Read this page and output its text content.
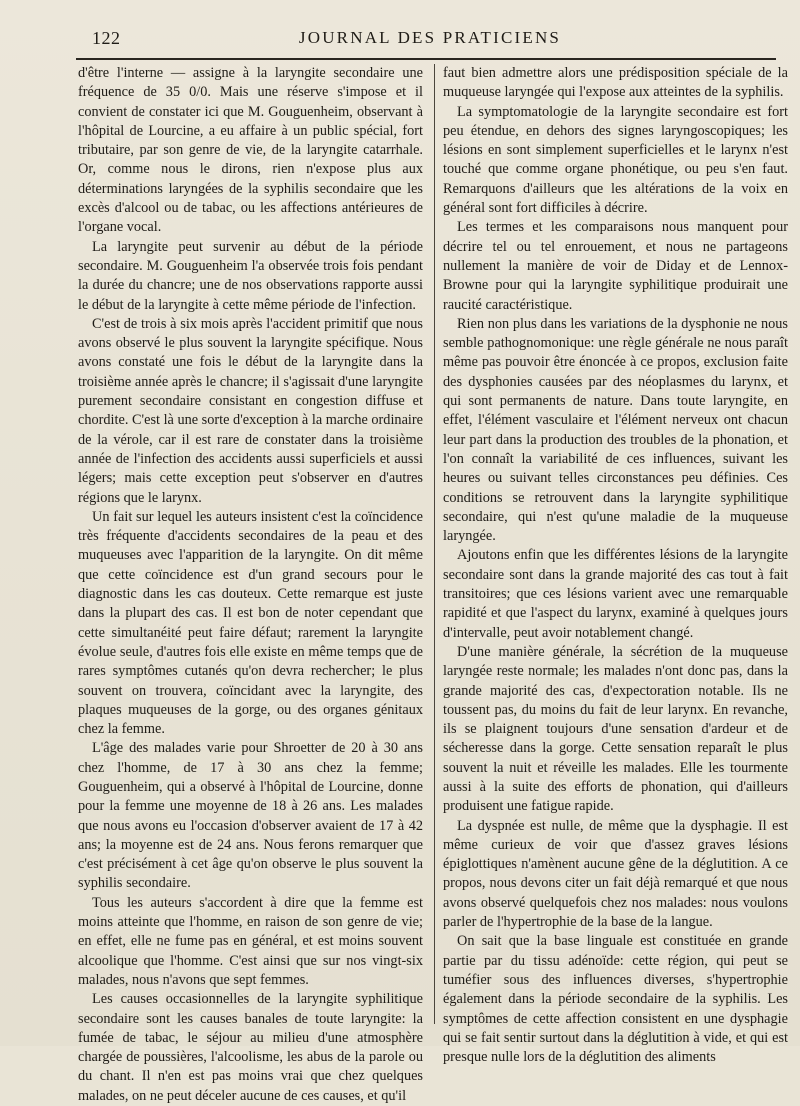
122	JOURNAL DES PRATICIENS

d'être l'interne — assigne à la laryngite secondaire une fréquence de 35 0/0. Mais une réserve s'impose et il convient de constater ici que M. Gouguenheim, observant à l'hôpital de Lourcine, a eu affaire à un public spécial, fort tributaire, par son genre de vie, de la laryngite catarrhale. Or, comme nous le dirons, rien n'expose plus aux déterminations laryngées de la syphilis secondaire que les excès d'alcool ou de tabac, ou les affections antérieures de l'organe vocal.

La laryngite peut survenir au début de la période secondaire. M. Gouguenheim l'a observée trois fois pendant la durée du chancre; une de nos observations rapporte aussi le début de la laryngite à cette même période de l'infection.

C'est de trois à six mois après l'accident primitif que nous avons observé le plus souvent la laryngite spécifique. Nous avons constaté une fois le début de la laryngite dans la troisième année après le chancre; il s'agissait d'une laryngite purement secondaire consistant en congestion diffuse et chordite. C'est là une sorte d'exception à la marche ordinaire de la vérole, car il est rare de constater dans la troisième année de l'infection des accidents aussi superficiels et aussi légers; mais cette exception peut s'observer en d'autres régions que le larynx.

Un fait sur lequel les auteurs insistent c'est la coïncidence très fréquente d'accidents secondaires de la peau et des muqueuses avec l'apparition de la laryngite. On dit même que cette coïncidence est d'un grand secours pour le diagnostic dans les cas douteux. Cette remarque est juste dans la plupart des cas. Il est bon de noter cependant que cette simultanéité peut faire défaut; rarement la laryngite évolue seule, d'autres fois elle existe en même temps que de rares symptômes cutanés qu'on devra rechercher; le plus souvent on trouvera, coïncidant avec la laryngite, des plaques muqueuses de la gorge, ou des organes génitaux chez la femme.

L'âge des malades varie pour Shroetter de 20 à 30 ans chez l'homme, de 17 à 30 ans chez la femme; Gouguenheim, qui a observé à l'hôpital de Lourcine, donne pour la femme une moyenne de 18 à 26 ans. Les malades que nous avons eu l'occasion d'observer avaient de 17 à 42 ans; la moyenne est de 24 ans. Nous ferons remarquer que c'est précisément à cet âge qu'on observe le plus souvent la syphilis secondaire.

Tous les auteurs s'accordent à dire que la femme est moins atteinte que l'homme, en raison de son genre de vie; en effet, elle ne fume pas en général, et est moins souvent alcoolique que l'homme. C'est ainsi que sur nos vingt-six malades, nous n'avons que sept femmes.

Les causes occasionnelles de la laryngite syphilitique secondaire sont les causes banales de toute laryngite: la fumée de tabac, le séjour au milieu d'une atmosphère chargée de poussières, l'alcoolisme, les abus de la parole ou du chant. Il n'en est pas moins vrai que chez quelques malades, on ne peut déceler aucune de ces causes, et qu'il

faut bien admettre alors une prédisposition spéciale de la muqueuse laryngée qui l'expose aux atteintes de la syphilis.

La symptomatologie de la laryngite secondaire est fort peu étendue, en dehors des signes laryngoscopiques; les lésions en sont simplement superficielles et le larynx n'est touché que comme organe phonétique, ou peu s'en faut. Remarquons d'ailleurs que les altérations de la voix en général sont fort difficiles à décrire.

Les termes et les comparaisons nous manquent pour décrire tel ou tel enrouement, et nous ne partageons nullement la manière de voir de Diday et de Lennox-Browne pour qui la laryngite syphilitique produirait une raucité caractéristique.

Rien non plus dans les variations de la dysphonie ne nous semble pathognomonique: une règle générale ne nous paraît même pas pouvoir être énoncée à ce propos, exclusion faite des dysphonies causées par des néoplasmes du larynx, et qui sont permanents de nature. Dans toute laryngite, en effet, l'élément vasculaire et l'élément nerveux ont chacun leur part dans la production des troubles de la phonation, et l'on connaît la variabilité de ces influences, suivant les heures ou suivant telles circonstances peu définies. Ces conditions se retrouvent dans la laryngite syphilitique secondaire, qui n'est qu'une maladie de la muqueuse laryngée.

Ajoutons enfin que les différentes lésions de la laryngite secondaire sont dans la grande majorité des cas tout à fait transitoires; que ces lésions varient avec une remarquable rapidité et que l'aspect du larynx, examiné à quelques jours d'intervalle, peut avoir notablement changé.

D'une manière générale, la sécrétion de la muqueuse laryngée reste normale; les malades n'ont donc pas, dans la grande majorité des cas, d'expectoration notable. Ils ne toussent pas, du moins du fait de leur larynx. En revanche, ils se plaignent toujours d'une sensation d'ardeur et de sécheresse dans la gorge. Cette sensation reparaît le plus souvent la nuit et réveille les malades. Elle les tourmente aussi à la suite des efforts de phonation, qui d'ailleurs produisent une fatigue rapide.

La dyspnée est nulle, de même que la dysphagie. Il est même curieux de voir que d'assez graves lésions épiglottiques n'amènent aucune gêne de la déglutition. A ce propos, nous devons citer un fait déjà remarqué et que nous avons observé quelquefois chez nos malades: nous voulons parler de l'hypertrophie de la base de la langue.

On sait que la base linguale est constituée en grande partie par du tissu adénoïde: cette région, qui peut se tuméfier sous des influences diverses, s'hypertrophie également dans la période secondaire de la syphilis. Les symptômes de cette affection consistent en une dysphagie qui se fait sentir surtout dans la déglutition à vide, et qui est presque nulle lors de la déglutition des aliments
